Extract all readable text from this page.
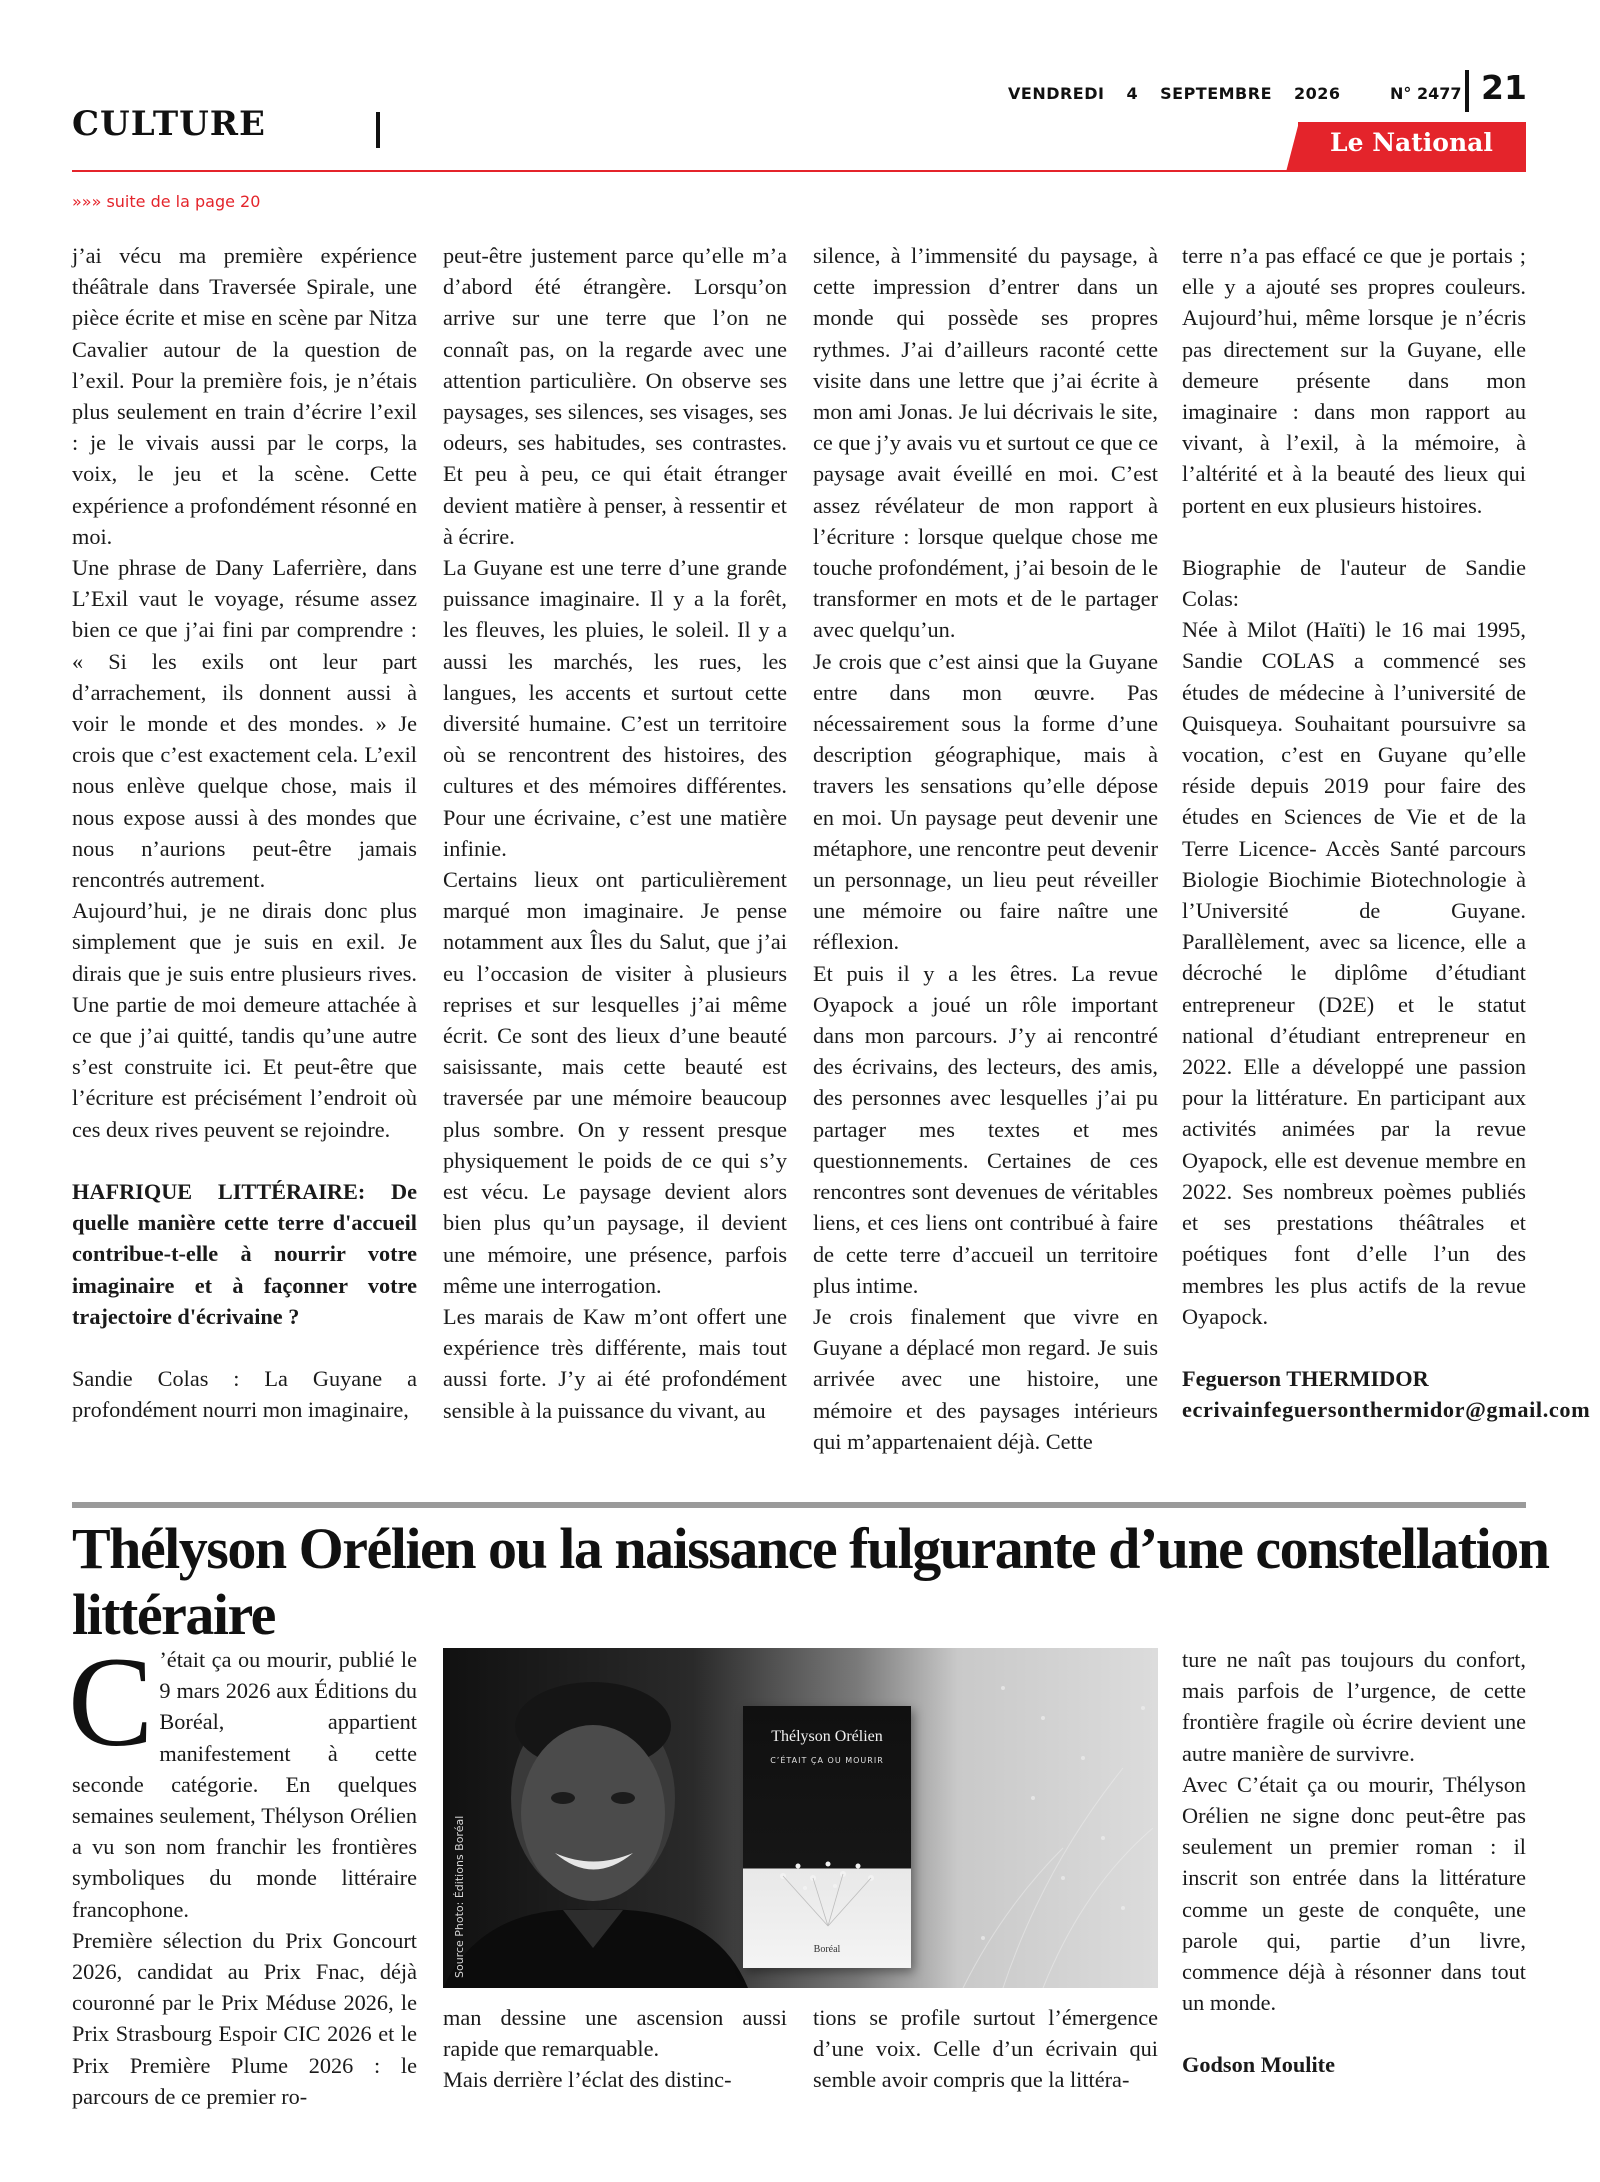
CULTURE
VENDREDI 4 SEPTEMBRE 2026	N° 2477 21
Le National
»»» suite de la page 20

j’ai vécu ma première expérience théâtrale dans Traversée Spirale, une pièce écrite et mise en scène par Nitza Cavalier autour de la question de l’exil. Pour la première fois, je n’étais plus seulement en train d’écrire l’exil : je le vivais aussi par le corps, la voix, le jeu et la scène. Cette expérience a profondément résonné en moi.

Une phrase de Dany Laferrière, dans L’Exil vaut le voyage, résume assez bien ce que j’ai fini par comprendre : « Si les exils ont leur part d’arrachement, ils donnent aussi à voir le monde et des mondes. » Je crois que c’est exactement cela. L’exil nous enlève quelque chose, mais il nous expose aussi à des mondes que nous n’aurions peut-être jamais rencontrés autrement.

Aujourd’hui, je ne dirais donc plus simplement que je suis en exil. Je dirais que je suis entre plusieurs rives. Une partie de moi demeure attachée à ce que j’ai quitté, tandis qu’une autre s’est construite ici. Et peut-être que l’écriture est précisément l’endroit où ces deux rives peuvent se rejoindre.

HAFRIQUE LITTÉRAIRE: De quelle manière cette terre d'accueil contribue-t-elle à nourrir votre imaginaire et à façonner votre trajectoire d'écrivaine ?

Sandie Colas : La Guyane a profondément nourri mon imaginaire,

peut-être justement parce qu’elle m’a d’abord été étrangère. Lorsqu’on arrive sur une terre que l’on ne connaît pas, on la regarde avec une attention particulière. On observe ses paysages, ses silences, ses visages, ses odeurs, ses habitudes, ses contrastes. Et peu à peu, ce qui était étranger devient matière à penser, à ressentir et à écrire.

La Guyane est une terre d’une grande puissance imaginaire. Il y a la forêt, les fleuves, les pluies, le soleil. Il y a aussi les marchés, les rues, les langues, les accents et surtout cette diversité humaine. C’est un territoire où se rencontrent des histoires, des cultures et des mémoires différentes. Pour une écrivaine, c’est une matière infinie.

Certains lieux ont particulièrement marqué mon imaginaire. Je pense notamment aux Îles du Salut, que j’ai eu l’occasion de visiter à plusieurs reprises et sur lesquelles j’ai même écrit. Ce sont des lieux d’une beauté saisissante, mais cette beauté est traversée par une mémoire beaucoup plus sombre. On y ressent presque physiquement le poids de ce qui s’y est vécu. Le paysage devient alors bien plus qu’un paysage, il devient une mémoire, une présence, parfois même une interrogation.

Les marais de Kaw m’ont offert une expérience très différente, mais tout aussi forte. J’y ai été profondément sensible à la puissance du vivant, au

silence, à l’immensité du paysage, à cette impression d’entrer dans un monde qui possède ses propres rythmes. J’ai d’ailleurs raconté cette visite dans une lettre que j’ai écrite à mon ami Jonas. Je lui décrivais le site, ce que j’y avais vu et surtout ce que ce paysage avait éveillé en moi. C’est assez révélateur de mon rapport à l’écriture : lorsque quelque chose me touche profondément, j’ai besoin de le transformer en mots et de le partager avec quelqu’un.

Je crois que c’est ainsi que la Guyane entre dans mon œuvre. Pas nécessairement sous la forme d’une description géographique, mais à travers les sensations qu’elle dépose en moi. Un paysage peut devenir une métaphore, une rencontre peut devenir un personnage, un lieu peut réveiller une mémoire ou faire naître une réflexion.

Et puis il y a les êtres. La revue Oyapock a joué un rôle important dans mon parcours. J’y ai rencontré des écrivains, des lecteurs, des amis, des personnes avec lesquelles j’ai pu partager mes textes et mes questionnements. Certaines de ces rencontres sont devenues de véritables liens, et ces liens ont contribué à faire de cette terre d’accueil un territoire plus intime.

Je crois finalement que vivre en Guyane a déplacé mon regard. Je suis arrivée avec une histoire, une mémoire et des paysages intérieurs qui m’appartenaient déjà. Cette

terre n’a pas effacé ce que je portais ; elle y a ajouté ses propres couleurs. Aujourd’hui, même lorsque je n’écris pas directement sur la Guyane, elle demeure présente dans mon imaginaire : dans mon rapport au vivant, à l’exil, à la mémoire, à l’altérité et à la beauté des lieux qui portent en eux plusieurs histoires.

Biographie de l'auteur de Sandie Colas:

Née à Milot (Haïti) le 16 mai 1995, Sandie COLAS a commencé ses études de médecine à l’université de Quisqueya. Souhaitant poursuivre sa vocation, c’est en Guyane qu’elle réside depuis 2019 pour faire des études en Sciences de Vie et de la Terre Licence- Accès Santé parcours Biologie Biochimie Biotechnologie à l’Université de Guyane. Parallèlement, avec sa licence, elle a décroché le diplôme d’étudiant entrepreneur (D2E) et le statut national d’étudiant entrepreneur en 2022. Elle a développé une passion pour la littérature. En participant aux activités animées par la revue Oyapock, elle est devenue membre en 2022. Ses nombreux poèmes publiés et ses prestations théâtrales et poétiques font d’elle l’un des membres les plus actifs de la revue Oyapock.

Feguerson THERMIDOR

ecrivainfeguersonthermidor@gmail.com

Thélyson Orélien ou la naissance fulgurante d’une constellation littéraire

C ’était ça ou mourir, publié le 9 mars 2026 aux Éditions du Boréal, appartient manifestement à cette seconde catégorie. En quelques semaines seulement, Thélyson Orélien a vu son nom franchir les frontières symboliques du monde littéraire francophone.

Première sélection du Prix Goncourt 2026, candidat au Prix Fnac, déjà couronné par le Prix Méduse 2026, le Prix Strasbourg Espoir CIC 2026 et le Prix Première Plume 2026 : le parcours de ce premier ro-

Source Photo: Éditions Boréal
Thélyson Orélien
C’ÉTAIT ÇA OU MOURIR
Boréal

man dessine une ascension aussi rapide que remarquable.

Mais derrière l’éclat des distinc-

tions se profile surtout l’émergence d’une voix. Celle d’un écrivain qui semble avoir compris que la littéra-

ture ne naît pas toujours du confort, mais parfois de l’urgence, de cette frontière fragile où écrire devient une autre manière de survivre.

Avec C’était ça ou mourir, Thélyson Orélien ne signe donc peut-être pas seulement un premier roman : il inscrit son entrée dans la littérature comme un geste de conquête, une parole qui, partie d’un livre, commence déjà à résonner dans tout un monde.

Godson Moulite
